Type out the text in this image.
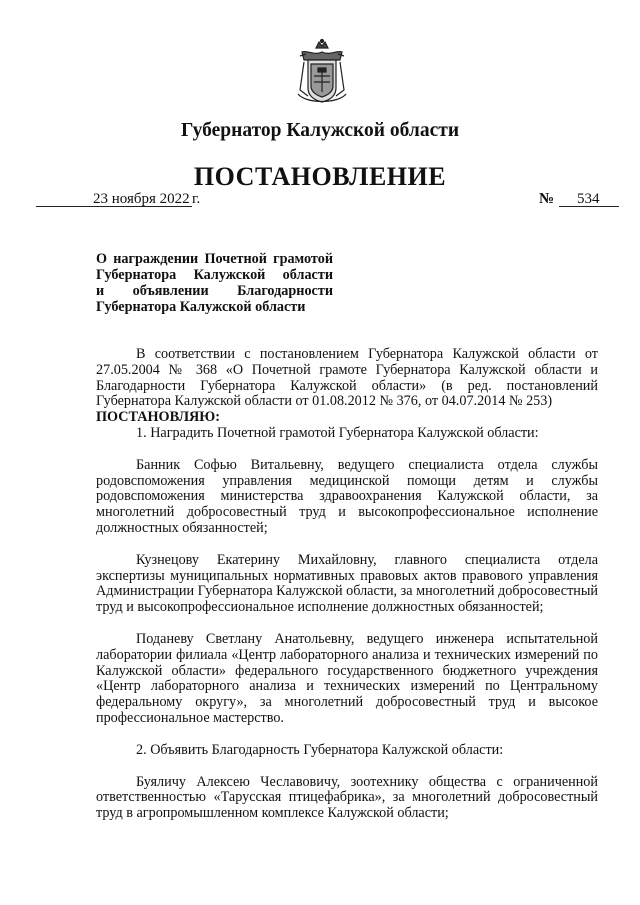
Губернатор Калужской области
ПОСТАНОВЛЕНИЕ
23 ноября 2022 г.	№ 534
О награждении Почетной грамотой
Губернатора Калужской области
и объявлении Благодарности
Губернатора Калужской области

В соответствии с постановлением Губернатора Калужской области от 27.05.2004 № 368 «О Почетной грамоте Губернатора Калужской области и Благодарности Губернатора Калужской области» (в ред. постановлений Губернатора Калужской области от 01.08.2012 № 376, от 04.07.2014 № 253)

ПОСТАНОВЛЯЮ:

1. Наградить Почетной грамотой Губернатора Калужской области:

Банник Софью Витальевну, ведущего специалиста отдела службы родовспоможения управления медицинской помощи детям и службы родовспоможения министерства здравоохранения Калужской области, за многолетний добросовестный труд и высокопрофессиональное исполнение должностных обязанностей;

Кузнецову Екатерину Михайловну, главного специалиста отдела экспертизы муниципальных нормативных правовых актов правового управления Администрации Губернатора Калужской области, за многолетний добросовестный труд и высокопрофессиональное исполнение должностных обязанностей;

Поданеву Светлану Анатольевну, ведущего инженера испытательной лаборатории филиала «Центр лабораторного анализа и технических измерений по Калужской области» федерального государственного бюджетного учреждения «Центр лабораторного анализа и технических измерений по Центральному федеральному округу», за многолетний добросовестный труд и высокое профессиональное мастерство.

2. Объявить Благодарность Губернатора Калужской области:

Буяличу Алексею Чеславовичу, зоотехнику общества с ограниченной ответственностью «Тарусская птицефабрика», за многолетний добросовестный труд в агропромышленном комплексе Калужской области;
